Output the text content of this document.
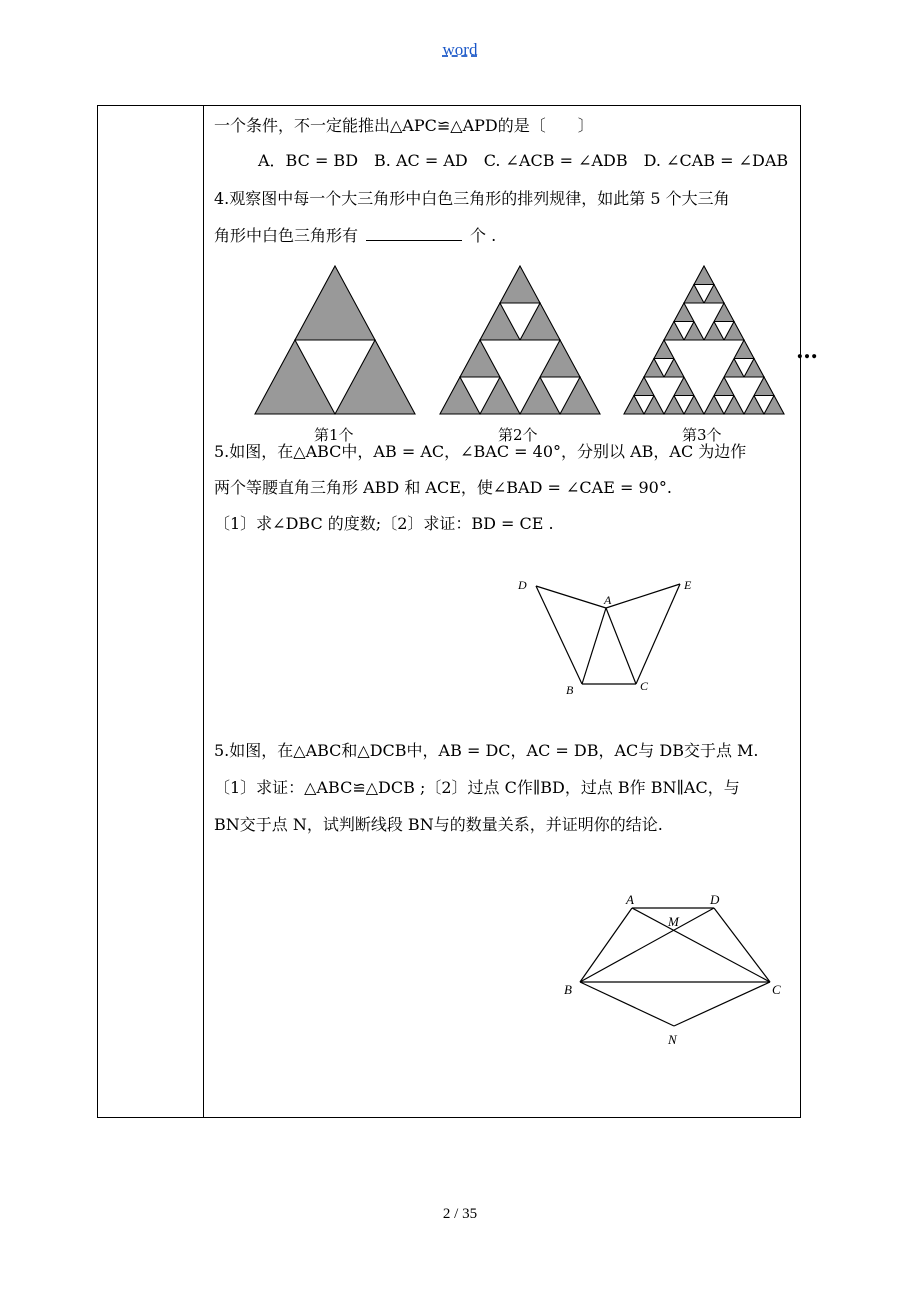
word
一个条件，不一定能推出△APC≌△APD的是〔　　〕
A．BC = BD　B. AC = AD　C. ∠ACB = ∠ADB　D. ∠CAB = ∠DAB
4.观察图中每一个大三角形中白色三角形的排列规律，如此第 5 个大三角
角形中白色三角形有	个 .
第1个	第2个	第3个
…
5.如图，在△ABC中，AB = AC，∠BAC = 40°，分别以 AB，AC 为边作
两个等腰直角三角形 ABD 和 ACE，使∠BAD = ∠CAE = 90°.
〔1〕求∠DBC 的度数;〔2〕求证：BD = CE .
D	E
A
B	C
5.如图，在△ABC和△DCB中，AB = DC，AC = DB，AC与 DB交于点 M.
〔1〕求证：△ABC≌△DCB ;〔2〕过点 C作∥BD，过点 B作 BN∥AC，与
BN交于点 N，试判断线段 BN与的数量关系，并证明你的结论.
A	D
M
B	C
N
2 / 35
